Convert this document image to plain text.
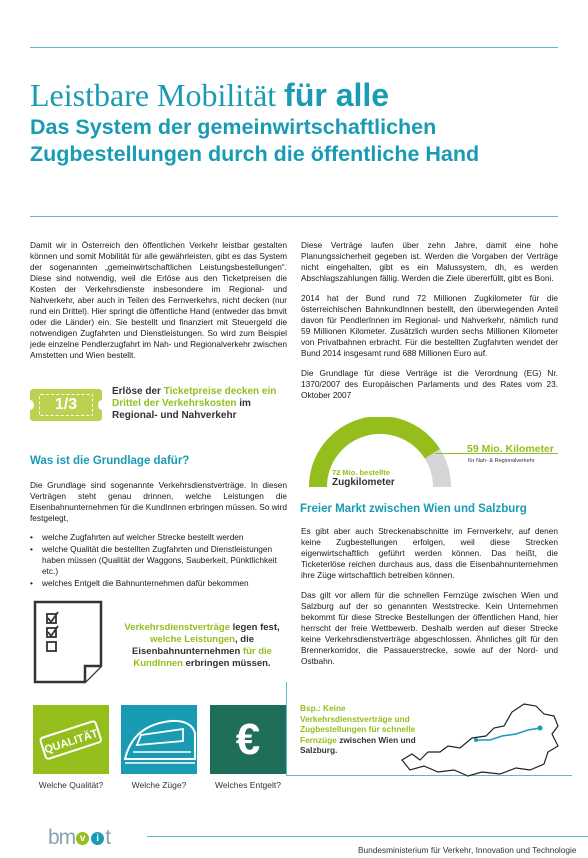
Leistbare Mobilität für alle
Das System der gemeinwirtschaftlichen
Zugbestellungen durch die öffentliche Hand

Damit wir in Österreich den öffentlichen Verkehr leistbar gestalten können und somit Mobilität für alle gewährleisten, gibt es das System der sogenannten „gemeinwirtschaftlichen Leistungsbestellungen“. Diese sind notwendig, weil die Erlöse aus den Ticketpreisen die Kosten der Verkehrsdienste insbesondere im Regional- und Nahverkehr, aber auch in Teilen des Fernverkehrs, nicht decken (nur rund ein Drittel). Hier springt die öffentliche Hand (entweder das bmvit oder die Länder) ein. Sie bestellt und finanziert mit Steuergeld die notwendigen Zugfahrten und Dienstleistungen. So wird zum Beispiel jede einzelne Pendlerzugfahrt im Nah- und Regionalverkehr zwischen Amstetten und Wien bestellt.

1/3
Erlöse der Ticketpreise decken ein Drittel der Verkehrskosten im Regional- und Nahverkehr
Was ist die Grundlage dafür?

Die Grundlage sind sogenannte Verkehrsdienstverträge. In diesen Verträgen steht genau drinnen, welche Leistungen die Eisenbahnunternehmen für die KundInnen erbringen müssen. So wird festgelegt,

• welche Zugfahrten auf welcher Strecke bestellt werden
• welche Qualität die bestellten Zugfahrten und Dienstleistungen haben müssen (Qualität der Waggons, Sauberkeit, Pünktlichkeit etc.)
• welches Entgelt die Bahnunternehmen dafür bekommen
Verkehrsdienstverträge legen fest, welche Leistungen, die Eisenbahnunternehmen für die KundInnen erbringen müssen.
QUALITÄT
Welche Qualität?	Welche Züge?
€
Welches Entgelt?

Diese Verträge laufen über zehn Jahre, damit eine hohe Planungssicherheit gegeben ist. Werden die Vorgaben der Verträge nicht eingehalten, gibt es ein Malussystem, dh, es werden Abschlagszahlungen fällig. Werden die Ziele übererfüllt, gibt es Boni.

2014 hat der Bund rund 72 Millionen Zugkilometer für die österreichischen BahnkundInnen bestellt, den überwiegenden Anteil davon für PendlerInnen im Regional- und Nahverkehr, nämlich rund 59 Millionen Kilometer. Zusätzlich wurden sechs Millionen Kilometer von Privatbahnen erbracht. Für die bestellten Zugfahrten wendet der Bund 2014 insgesamt rund 688 Millionen Euro auf.

Die Grundlage für diese Verträge ist die Verordnung (EG) Nr. 1370/2007 des Europäischen Parlaments und des Rates vom 23. Oktober 2007

72 Mio. bestellte
Zugkilometer
59 Mio. Kilometer
für Nah- & Regionalverkehr
Freier Markt zwischen Wien und Salzburg

Es gibt aber auch Streckenabschnitte im Fernverkehr, auf denen keine Zugbestellungen erfolgen, weil diese Strecken eigenwirtschaftlich geführt werden können. Das heißt, die Ticketerlöse reichen durchaus aus, dass die Eisenbahnunternehmen ihre Züge wirtschaftlich betreiben können.

Das gilt vor allem für die schnellen Fernzüge zwischen Wien und Salzburg auf der so genannten Weststrecke. Kein Unternehmen bekommt für diese Strecke Bestellungen der öffentlichen Hand, hier herrscht der freie Wettbewerb. Deshalb werden auf dieser Strecke keine Verkehrsdienstverträge abgeschlossen. Ähnliches gilt für den Brennerkorridor, die Passauerstrecke, sowie auf der Nord- und Ostbahn.

Bsp.: Keine Verkehrsdienstverträge und Zugbestellungen für schnelle Fernzüge zwischen Wien und Salzburg.
bm v	i t
Bundesministerium für Verkehr, Innovation und Technologie
